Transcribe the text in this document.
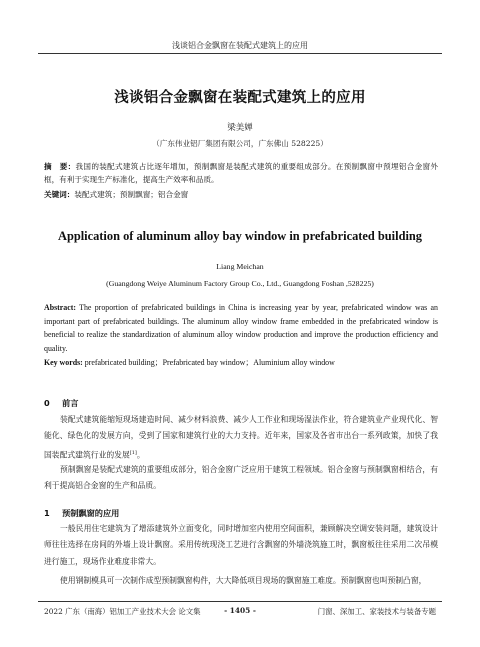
浅谈铝合金飘窗在装配式建筑上的应用
浅谈铝合金飘窗在装配式建筑上的应用
梁美婵
（广东伟业铝厂集团有限公司，广东佛山 528225）
摘　要：我国的装配式建筑占比逐年增加，预制飘窗是装配式建筑的重要组成部分。在预制飘窗中预埋铝合金窗外框，有利于实现生产标准化，提高生产效率和品质。
关键词：装配式建筑；预制飘窗；铝合金窗
Application of aluminum alloy bay window in prefabricated building
Liang Meichan
(Guangdong Weiye Aluminum Factory Group Co., Ltd., Guangdong Foshan ,528225)
Abstract: The proportion of prefabricated buildings in China is increasing year by year, prefabricated window was an important part of prefabricated buildings. The aluminum alloy window frame embedded in the prefabricated window is beneficial to realize the standardization of aluminum alloy window production and improve the production efficiency and quality.
Key words: prefabricated building；Prefabricated bay window；Aluminium alloy window
0 前言
装配式建筑能缩短现场建造时间、减少材料浪费、减少人工作业和现场湿法作业，符合建筑业产业现代化、智能化、绿色化的发展方向，受到了国家和建筑行业的大力支持。近年来，国家及各省市出台一系列政策，加快了我国装配式建筑行业的发展[1]。
预制飘窗是装配式建筑的重要组成部分，铝合金窗广泛应用于建筑工程领域。铝合金窗与预制飘窗相结合，有利于提高铝合金窗的生产和品质。
1 预制飘窗的应用
一般民用住宅建筑为了增添建筑外立面变化，同时增加室内使用空间面积，兼顾解决空调安装问题，建筑设计师往往选择在房间的外墙上设计飘窗。采用传统现浇工艺进行含飘窗的外墙浇筑施工时，飘窗板往往采用二次吊模进行施工，现场作业难度非常大。
使用钢制模具可一次制作成型预制飘窗构件，大大降低项目现场的飘窗施工难度。预制飘窗也叫预制凸窗，
2022 广东（南海）铝加工产业技术大会 论文集	- 1405 -	门窗、深加工、家装技术与装备专题
